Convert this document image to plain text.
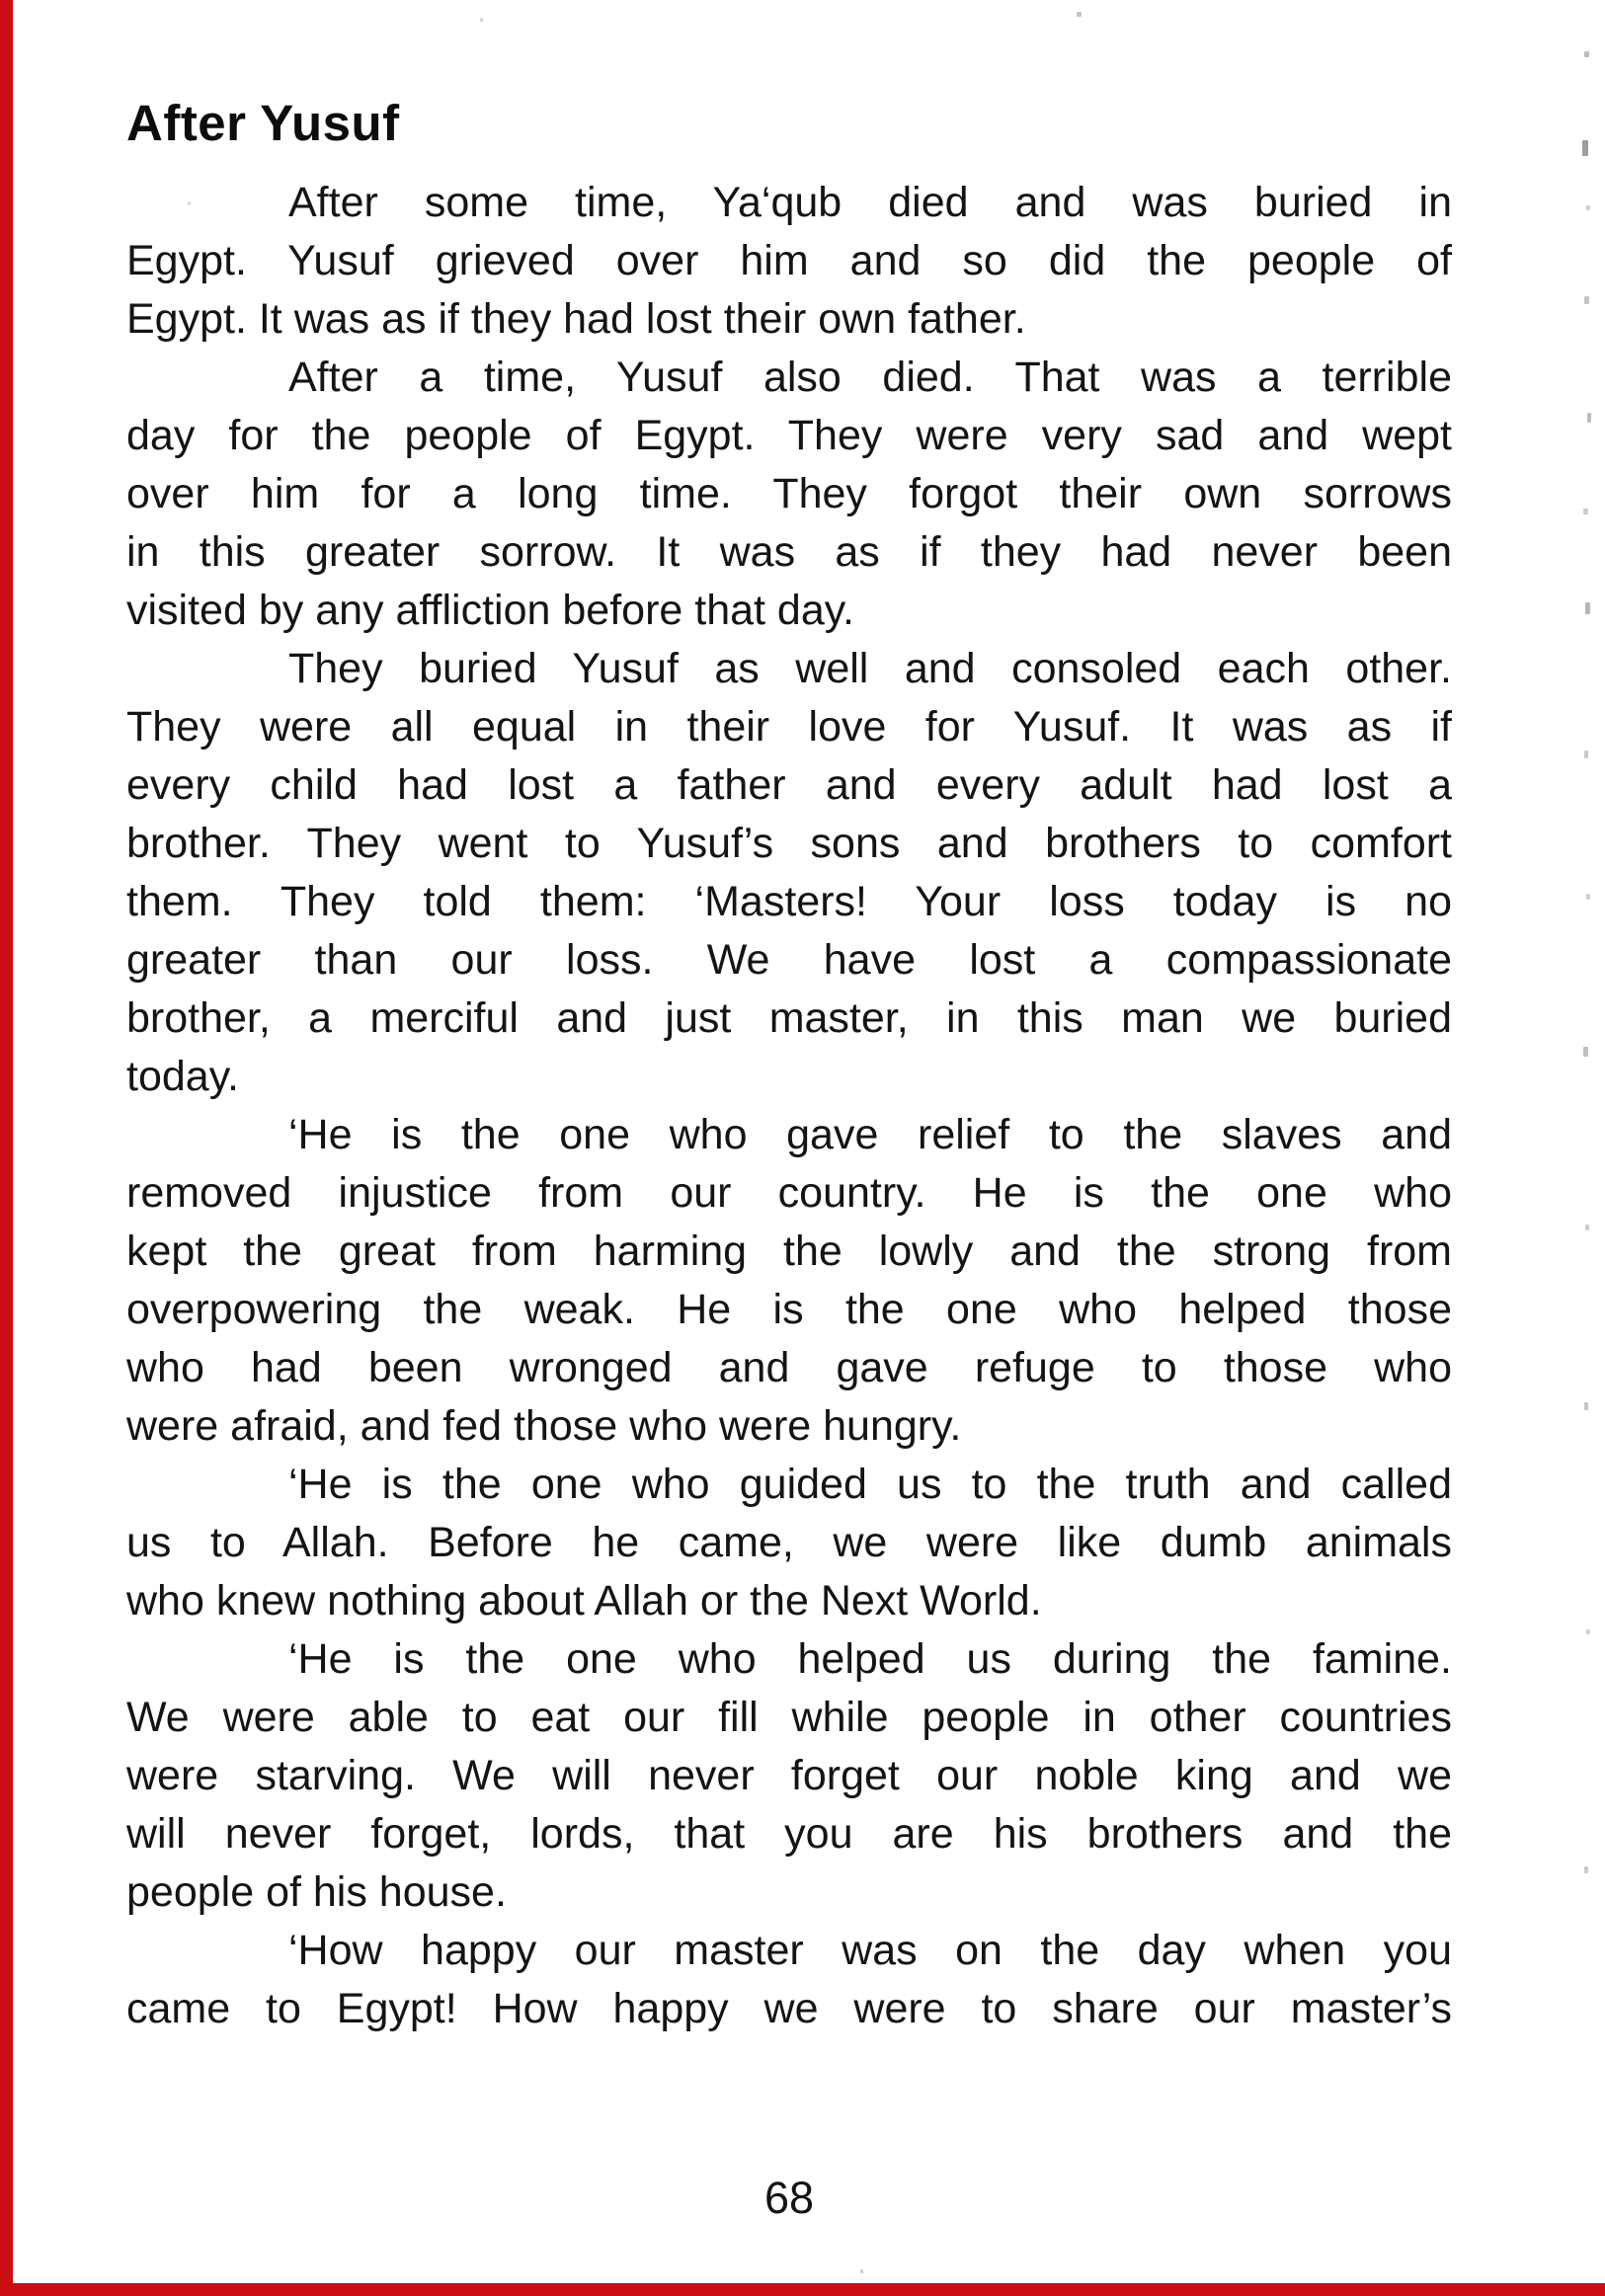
After Yusuf
After some time, Ya‘qub died and was buried in
Egypt. Yusuf grieved over him and so did the people of
Egypt. It was as if they had lost their own father.
After a time, Yusuf also died. That was a terrible
day for the people of Egypt. They were very sad and wept
over him for a long time. They forgot their own sorrows
in this greater sorrow. It was as if they had never been
visited by any affliction before that day.
They buried Yusuf as well and consoled each other.
They were all equal in their love for Yusuf. It was as if
every child had lost a father and every adult had lost a
brother. They went to Yusuf’s sons and brothers to comfort
them. They told them: ‘Masters! Your loss today is no
greater than our loss. We have lost a compassionate
brother, a merciful and just master, in this man we buried
today.
‘He is the one who gave relief to the slaves and
removed injustice from our country. He is the one who
kept the great from harming the lowly and the strong from
overpowering the weak. He is the one who helped those
who had been wronged and gave refuge to those who
were afraid, and fed those who were hungry.
‘He is the one who guided us to the truth and called
us to Allah. Before he came, we were like dumb animals
who knew nothing about Allah or the Next World.
‘He is the one who helped us during the famine.
We were able to eat our fill while people in other countries
were starving. We will never forget our noble king and we
will never forget, lords, that you are his brothers and the
people of his house.
‘How happy our master was on the day when you
came to Egypt! How happy we were to share our master’s
68
